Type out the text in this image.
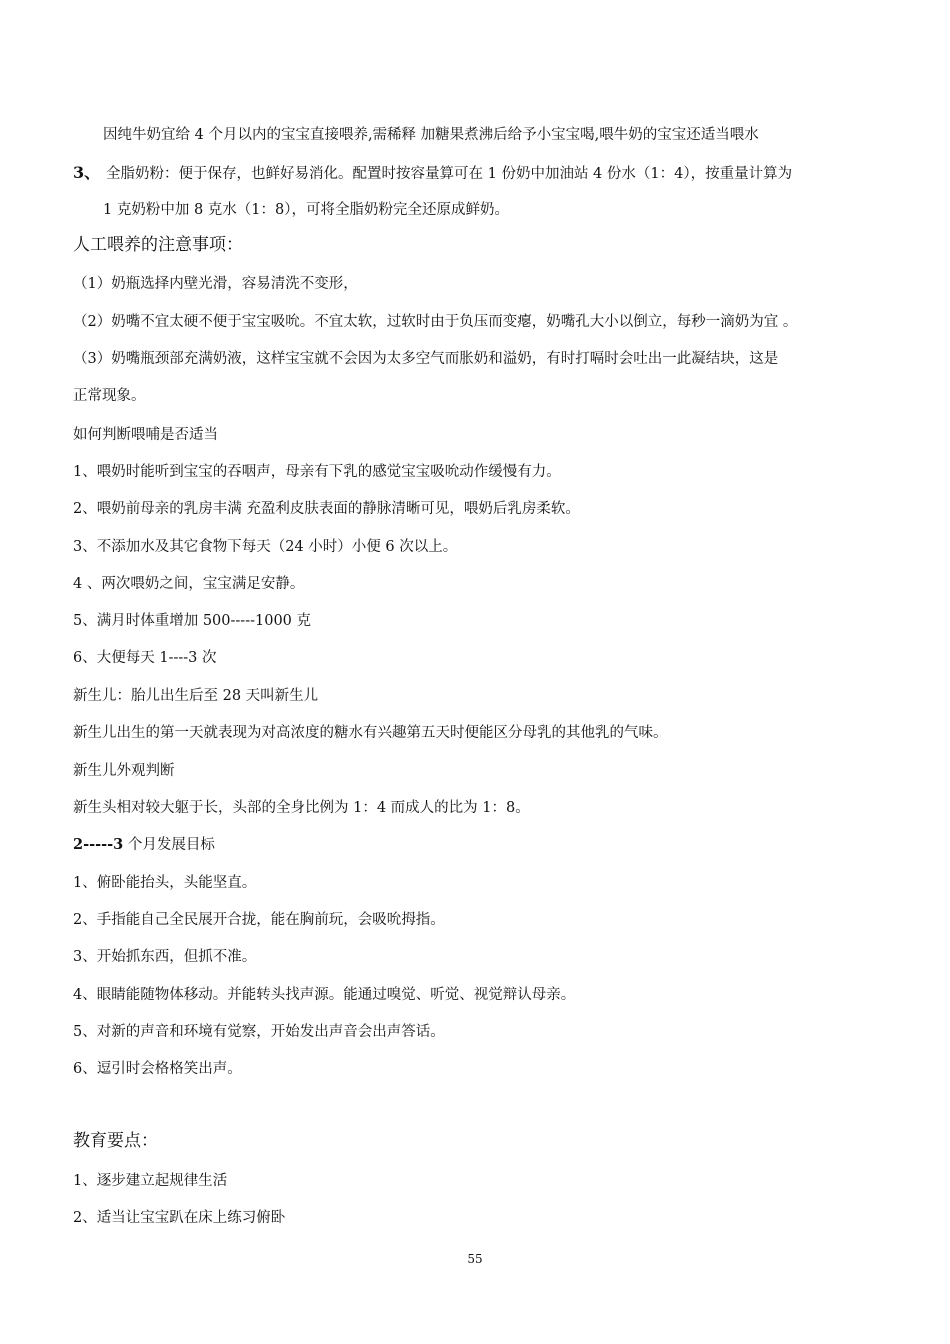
因纯牛奶宜给 4 个月以内的宝宝直接喂养,需稀释 加糖果煮沸后给予小宝宝喝,喂牛奶的宝宝还适当喂水
3、 全脂奶粉：便于保存，也鲜好易消化。配置时按容量算可在 1 份奶中加油站 4 份水（1：4），按重量计算为
1 克奶粉中加 8 克水（1：8），可将全脂奶粉完全还原成鲜奶。
人工喂养的注意事项：
（1）奶瓶选择内壁光滑，容易清洗不变形，
（2）奶嘴不宜太硬不便于宝宝吸吮。不宜太软，过软时由于负压而变瘪，奶嘴孔大小以倒立，每秒一滴奶为宜 。
（3）奶嘴瓶颈部充满奶液，这样宝宝就不会因为太多空气而胀奶和溢奶，有时打嗝时会吐出一此凝结块，这是
正常现象。
如何判断喂哺是否适当
1、喂奶时能听到宝宝的吞咽声，母亲有下乳的感觉宝宝吸吮动作缓慢有力。
2、喂奶前母亲的乳房丰满 充盈利皮肤表面的静脉清晰可见，喂奶后乳房柔软。
3、不添加水及其它食物下每天（24 小时）小便 6 次以上。
4 、两次喂奶之间，宝宝满足安静。
5、满月时体重增加 500-----1000 克
6、大便每天 1----3 次
新生儿：胎儿出生后至 28 天叫新生儿
新生儿出生的第一天就表现为对高浓度的糖水有兴趣第五天时便能区分母乳的其他乳的气味。
新生儿外观判断
新生头相对较大躯于长，头部的全身比例为 1：4 而成人的比为 1：8。
2-----3 个月发展目标
1、俯卧能抬头，头能坚直。
2、手指能自己全民展开合拢，能在胸前玩，会吸吮拇指。
3、开始抓东西，但抓不准。
4、眼睛能随物体移动。并能转头找声源。能通过嗅觉、听觉、视觉辩认母亲。
5、对新的声音和环境有觉察，开始发出声音会出声答话。
6、逗引时会格格笑出声。
教育要点：
1、逐步建立起规律生活
2、适当让宝宝趴在床上练习俯卧
55
